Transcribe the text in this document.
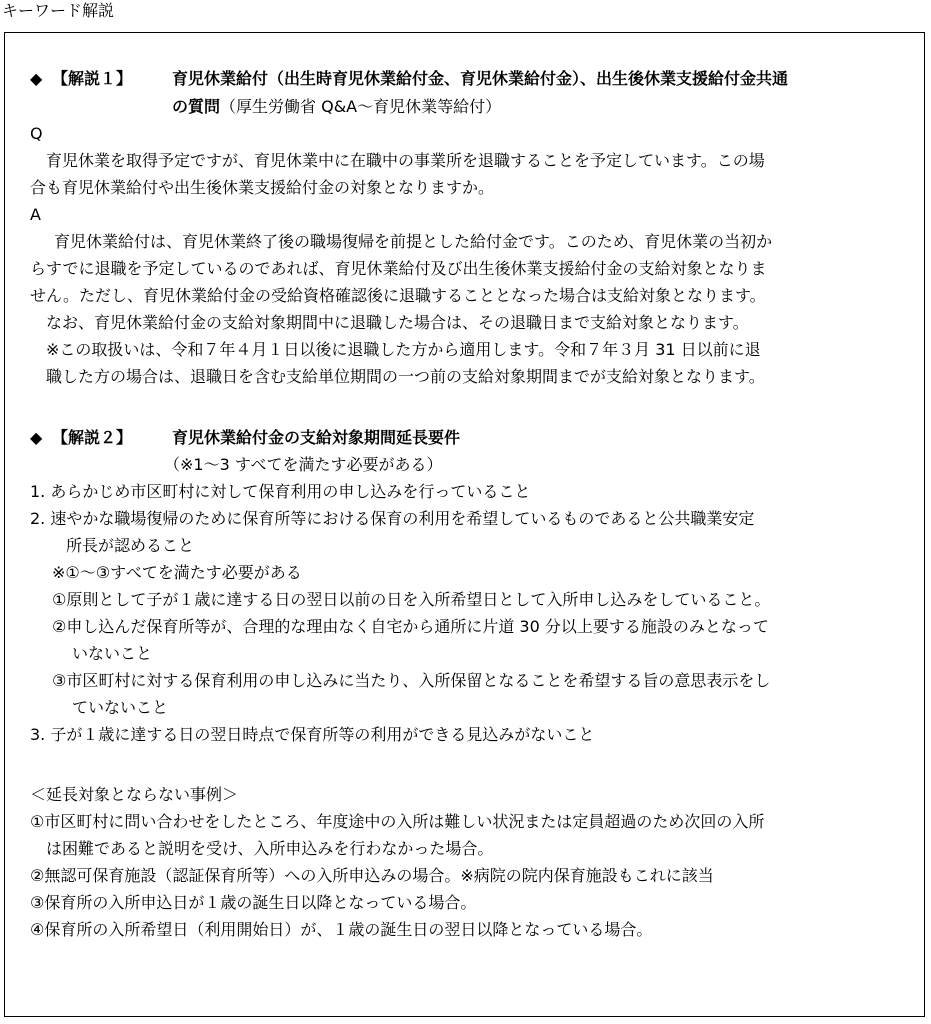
キーワード解説
◆ 【解説１】 育児休業給付（出生時育児休業給付金、育児休業給付金）、出生後休業支援給付金共通
の質問（厚生労働省 Q&A～育児休業等給付）
Q
育児休業を取得予定ですが、育児休業中に在職中の事業所を退職することを予定しています。この場
合も育児休業給付や出生後休業支援給付金の対象となりますか。
A
育児休業給付は、育児休業終了後の職場復帰を前提とした給付金です。このため、育児休業の当初か
らすでに退職を予定しているのであれば、育児休業給付及び出生後休業支援給付金の支給対象となりま
せん。ただし、育児休業給付金の受給資格確認後に退職することとなった場合は支給対象となります。
なお、育児休業給付金の支給対象期間中に退職した場合は、その退職日まで支給対象となります。
※この取扱いは、令和７年４月１日以後に退職した方から適用します。令和７年３月 31 日以前に退
職した方の場合は、退職日を含む支給単位期間の一つ前の支給対象期間までが支給対象となります。
◆ 【解説２】 育児休業給付金の支給対象期間延長要件
（※1～3 すべてを満たす必要がある）
1. あらかじめ市区町村に対して保育利用の申し込みを行っていること
2. 速やかな職場復帰のために保育所等における保育の利用を希望しているものであると公共職業安定
所長が認めること
※①～③すべてを満たす必要がある
①原則として子が１歳に達する日の翌日以前の日を入所希望日として入所申し込みをしていること。
②申し込んだ保育所等が、合理的な理由なく自宅から通所に片道 30 分以上要する施設のみとなって
いないこと
③市区町村に対する保育利用の申し込みに当たり、入所保留となることを希望する旨の意思表示をし
ていないこと
3. 子が１歳に達する日の翌日時点で保育所等の利用ができる見込みがないこと
＜延長対象とならない事例＞
①市区町村に問い合わせをしたところ、年度途中の入所は難しい状況または定員超過のため次回の入所
は困難であると説明を受け、入所申込みを行わなかった場合。
②無認可保育施設（認証保育所等）への入所申込みの場合。※病院の院内保育施設もこれに該当
③保育所の入所申込日が１歳の誕生日以降となっている場合。
④保育所の入所希望日（利用開始日）が、１歳の誕生日の翌日以降となっている場合。
